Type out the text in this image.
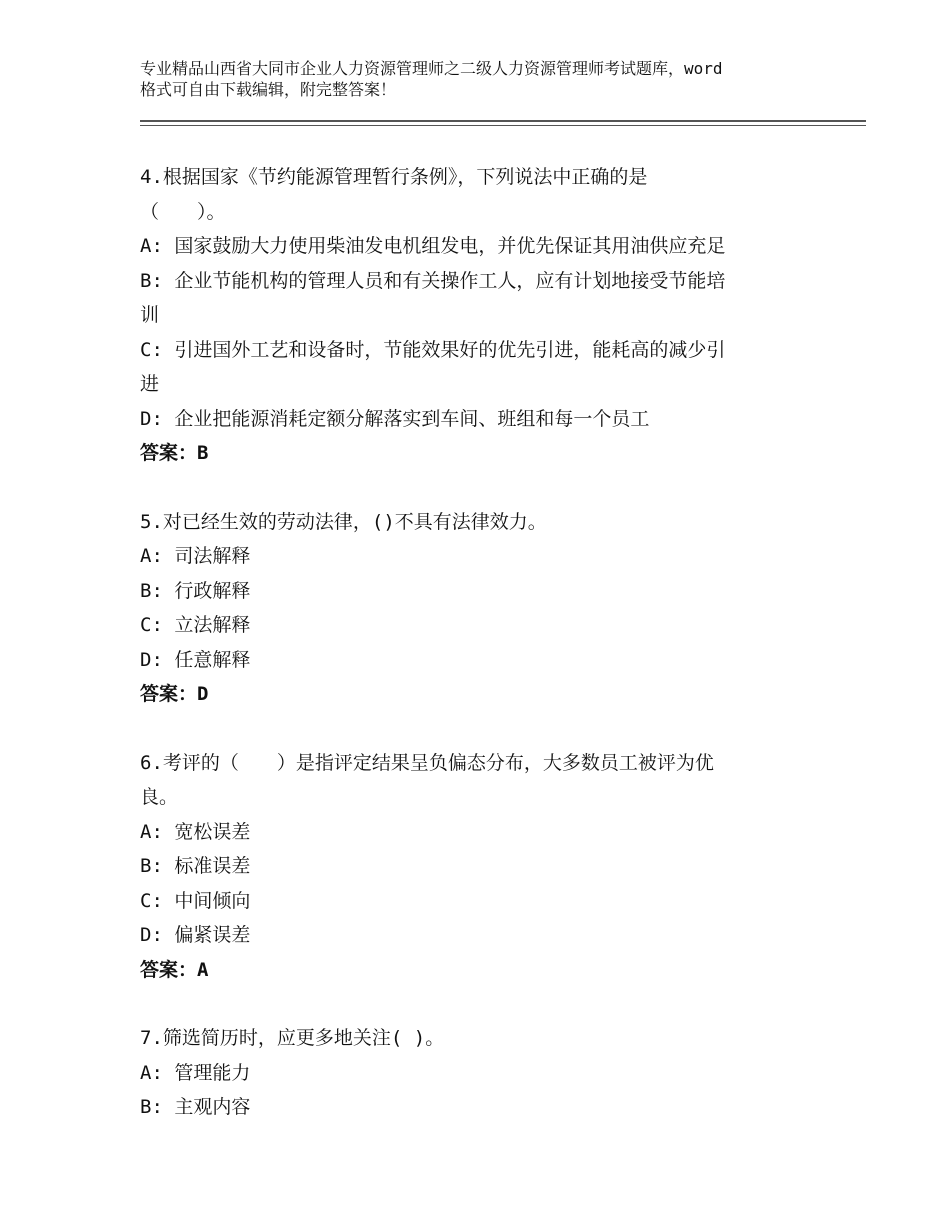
专业精品山西省大同市企业人力资源管理师之二级人力资源管理师考试题库，word
格式可自由下载编辑，附完整答案！
4.根据国家《节约能源管理暂行条例》，下列说法中正确的是
（　　）。
A: 国家鼓励大力使用柴油发电机组发电，并优先保证其用油供应充足
B: 企业节能机构的管理人员和有关操作工人，应有计划地接受节能培
训
C: 引进国外工艺和设备时，节能效果好的优先引进，能耗高的减少引
进
D: 企业把能源消耗定额分解落实到车间、班组和每一个员工
答案：B
5.对已经生效的劳动法律，()不具有法律效力。
A: 司法解释
B: 行政解释
C: 立法解释
D: 任意解释
答案：D
6.考评的（　　）是指评定结果呈负偏态分布，大多数员工被评为优
良。
A: 宽松误差
B: 标准误差
C: 中间倾向
D: 偏紧误差
答案：A
7.筛选简历时，应更多地关注( )。
A: 管理能力
B: 主观内容
